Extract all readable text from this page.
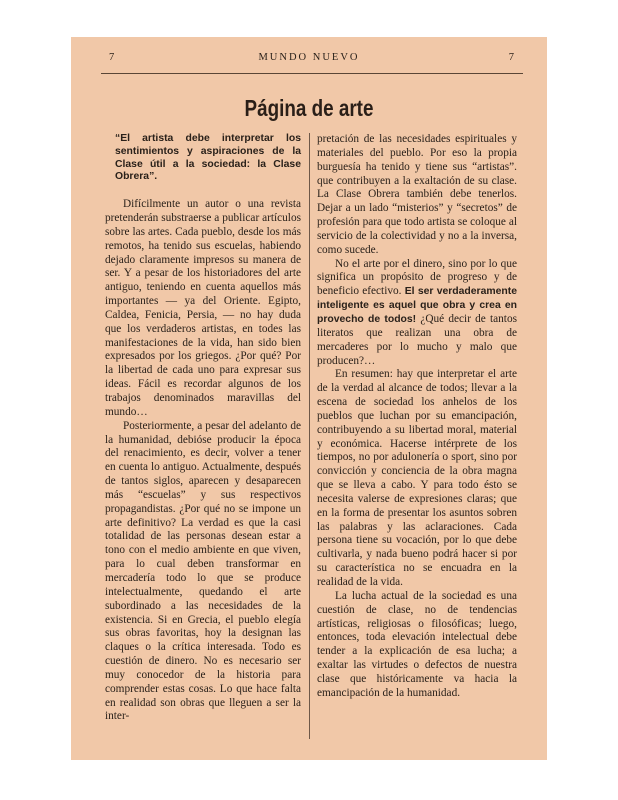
7	MUNDO NUEVO	7
Página de arte

“El artista debe interpretar los sentimientos y aspiraciones de la Clase útil a la sociedad: la Clase Obrera”.

Difícilmente un autor o una revista pretenderán substraerse a publicar artículos sobre las artes. Cada pueblo, desde los más remotos, ha tenido sus escuelas, habiendo dejado claramente impresos su manera de ser. Y a pesar de los historiadores del arte antiguo, teniendo en cuenta aquellos más importantes — ya del Oriente. Egipto, Caldea, Fenicia, Persia, — no hay duda que los verdaderos artistas, en todes las manifestaciones de la vida, han sido bien expresados por los griegos. ¿Por qué? Por la libertad de cada uno para expresar sus ideas. Fácil es recordar algunos de los trabajos denominados maravillas del mundo…

Posteriormente, a pesar del adelanto de la humanidad, debióse producir la época del renacimiento, es decir, volver a tener en cuenta lo antiguo. Actualmente, después de tantos siglos, aparecen y desaparecen más “escuelas” y sus respectivos propagandistas. ¿Por qué no se impone un arte definitivo? La verdad es que la casi totalidad de las personas desean estar a tono con el medio ambiente en que viven, para lo cual deben transformar en mercadería todo lo que se produce intelectualmente, quedando el arte subordinado a las necesidades de la existencia. Si en Grecia, el pueblo elegía sus obras favoritas, hoy la designan las claques o la crítica interesada. Todo es cuestión de dinero. No es necesario ser muy conocedor de la historia para comprender estas cosas. Lo que hace falta en realidad son obras que lleguen a ser la inter-

pretación de las necesidades espirituales y materiales del pueblo. Por eso la propia burguesía ha tenido y tiene sus “artistas”. que contribuyen a la exaltación de su clase. La Clase Obrera también debe tenerlos. Dejar a un lado “misterios” y “secretos” de profesión para que todo artista se coloque al servicio de la colectividad y no a la inversa, como sucede.

No el arte por el dinero, sino por lo que significa un propósito de progreso y de beneficio efectivo. El ser verdaderamente inteligente es aquel que obra y crea en provecho de todos! ¿Qué decir de tantos literatos que realizan una obra de mercaderes por lo mucho y malo que producen?…

En resumen: hay que interpretar el arte de la verdad al alcance de todos; llevar a la escena de sociedad los anhelos de los pueblos que luchan por su emancipación, contribuyendo a su libertad moral, material y económica. Hacerse intérprete de los tiempos, no por adulonería o sport, sino por convicción y conciencia de la obra magna que se lleva a cabo. Y para todo ésto se necesita valerse de expresiones claras; que en la forma de presentar los asuntos sobren las palabras y las aclaraciones. Cada persona tiene su vocación, por lo que debe cultivarla, y nada bueno podrá hacer si por su característica no se encuadra en la realidad de la vida.

La lucha actual de la sociedad es una cuestión de clase, no de tendencias artísticas, religiosas o filosóficas; luego, entonces, toda elevación intelectual debe tender a la explicación de esa lucha; a exaltar las virtudes o defectos de nuestra clase que históricamente va hacia la emancipación de la humanidad.
